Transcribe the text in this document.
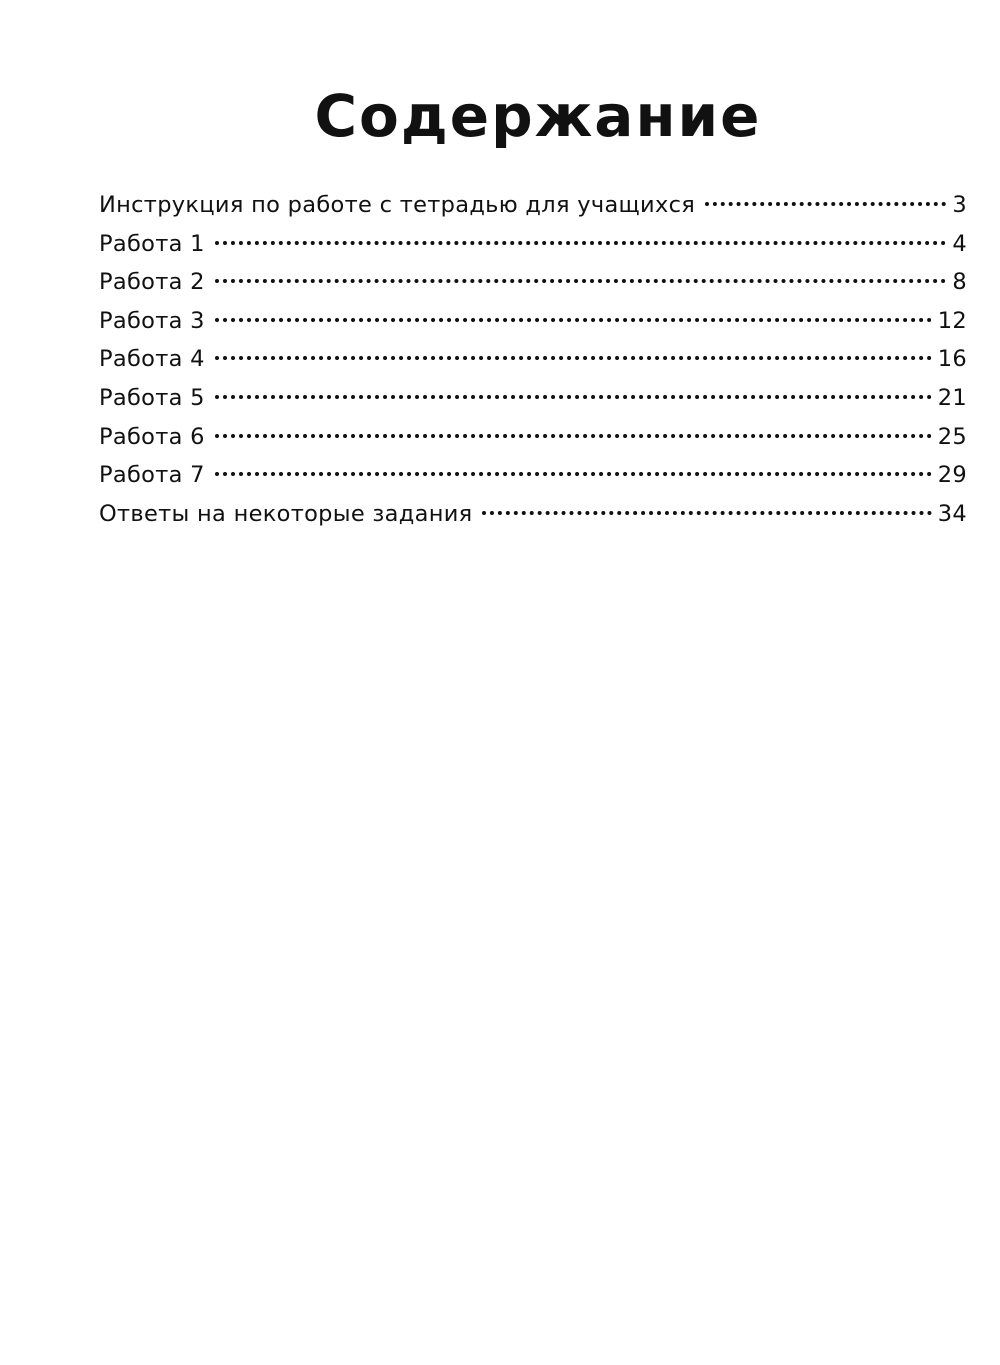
Содержание
Инструкция по работе с тетрадью для учащихся	3
Работа 1	4
Работа 2	8
Работа 3	12
Работа 4	16
Работа 5	21
Работа 6	25
Работа 7	29
Ответы на некоторые задания	34
